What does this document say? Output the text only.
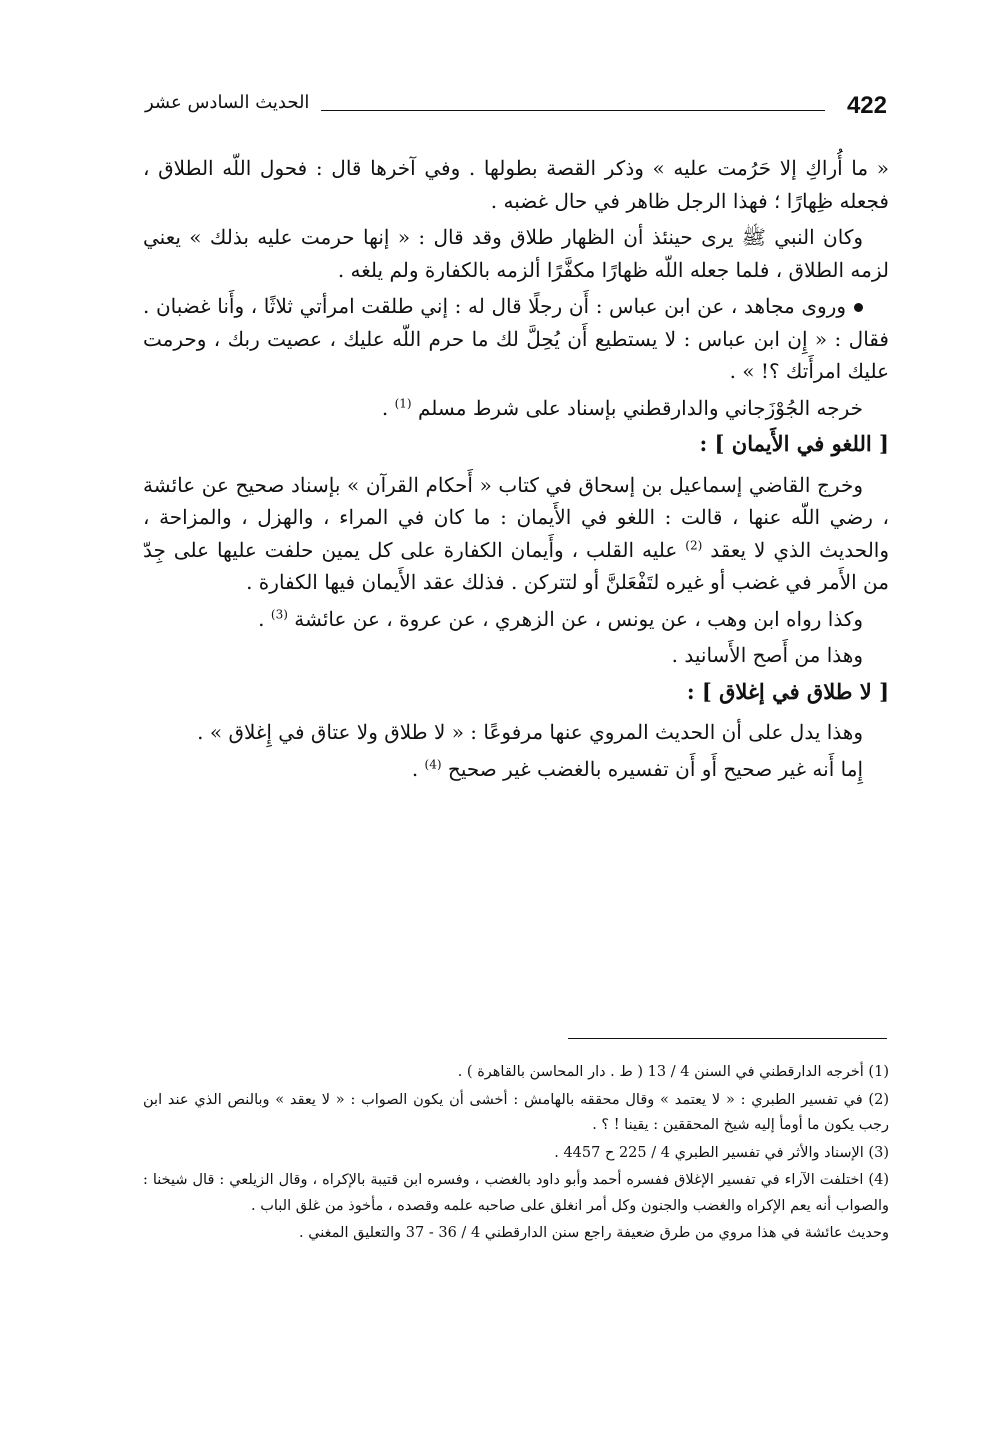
422
الحديث السادس عشر

« ما أُراكِ إلا حَرُمت عليه » وذكر القصة بطولها . وفي آخرها قال : فحول اللّه الطلاق ، فجعله ظِهارًا ؛ فهذا الرجل ظاهر في حال غضبه .

وكان النبي ﷺ يرى حينئذ أن الظهار طلاق وقد قال : « إنها حرمت عليه بذلك » يعني لزمه الطلاق ، فلما جعله اللّه ظهارًا مكفَّرًا ألزمه بالكفارة ولم يلغه .

وروى مجاهد ، عن ابن عباس : أَن رجلًا قال له : إني طلقت امرأتي ثلاثًا ، وأَنا غضبان . فقال : « إِن ابن عباس : لا يستطيع أَن يُحِلَّ لك ما حرم اللّه عليك ، عصيت ربك ، وحرمت عليك امرأَتك ؟! » .

خرجه الجُوْزَجاني والدارقطني بإسناد على شرط مسلم $^{(1)}$ .

[ اللغو في الأَيمان ] :

وخرج القاضي إسماعيل بن إسحاق في كتاب « أَحكام القرآن » بإسناد صحيح عن عائشة ، رضي اللّه عنها ، قالت : اللغو في الأَيمان : ما كان في المراء ، والهزل ، والمزاحة ، والحديث الذي لا يعقد $^{(2)}$ عليه القلب ، وأَيمان الكفارة على كل يمين حلفت عليها على جِدّ من الأَمر في غضب أو غيره لتَفْعَلنَّ أو لتتركن . فذلك عقد الأَيمان فيها الكفارة .

وكذا رواه ابن وهب ، عن يونس ، عن الزهري ، عن عروة ، عن عائشة $^{(3)}$ .

وهذا من أَصح الأَسانيد .

[ لا طلاق في إغلاق ] :

وهذا يدل على أن الحديث المروي عنها مرفوعًا : « لا طلاق ولا عتاق في إِغلاق » .

إِما أَنه غير صحيح أَو أَن تفسيره بالغضب غير صحيح $^{(4)}$ .

(1) أخرجه الدارقطني في السنن 4 / 13 ( ط . دار المحاسن بالقاهرة ) .

(2) في تفسير الطبري : « لا يعتمد » وقال محققه بالهامش : أخشى أن يكون الصواب : « لا يعقد » وبالنص الذي عند ابن رجب يكون ما أومأ إليه شيخ المحققين : يقينا ! ؟ .

(3) الإسناد والأثر في تفسير الطبري 4 / 225 ح 4457 .

(4) اختلفت الآراء في تفسير الإغلاق ففسره أحمد وأبو داود بالغضب ، وفسره ابن قتيبة بالإكراه ، وقال الزيلعي : قال شيخنا : والصواب أنه يعم الإكراه والغضب والجنون وكل أمر انغلق على صاحبه علمه وقصده ، مأخوذ من غلق الباب .

وحديث عائشة في هذا مروي من طرق ضعيفة راجع سنن الدارقطني 4 / 36 - 37 والتعليق المغني .
